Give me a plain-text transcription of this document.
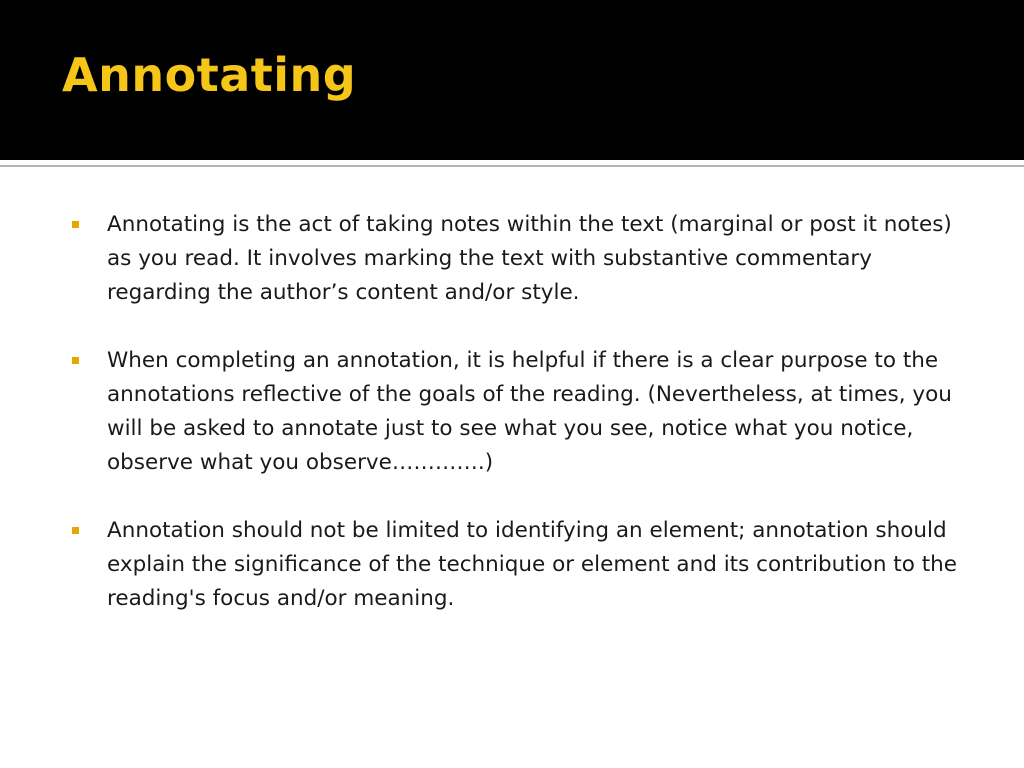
Annotating
Annotating is the act of taking notes within the text (marginal or post it notes) as you read. It involves marking the text with substantive commentary regarding the author’s content and/or style.
When completing an annotation, it is helpful if there is a clear purpose to the annotations reflective of the goals of the reading. (Nevertheless, at times, you will be asked to annotate just to see what you see, notice what you notice, observe what you observe………….)
Annotation should not be limited to identifying an element; annotation should explain the significance of the technique or element and its contribution to the reading's focus and/or meaning.
